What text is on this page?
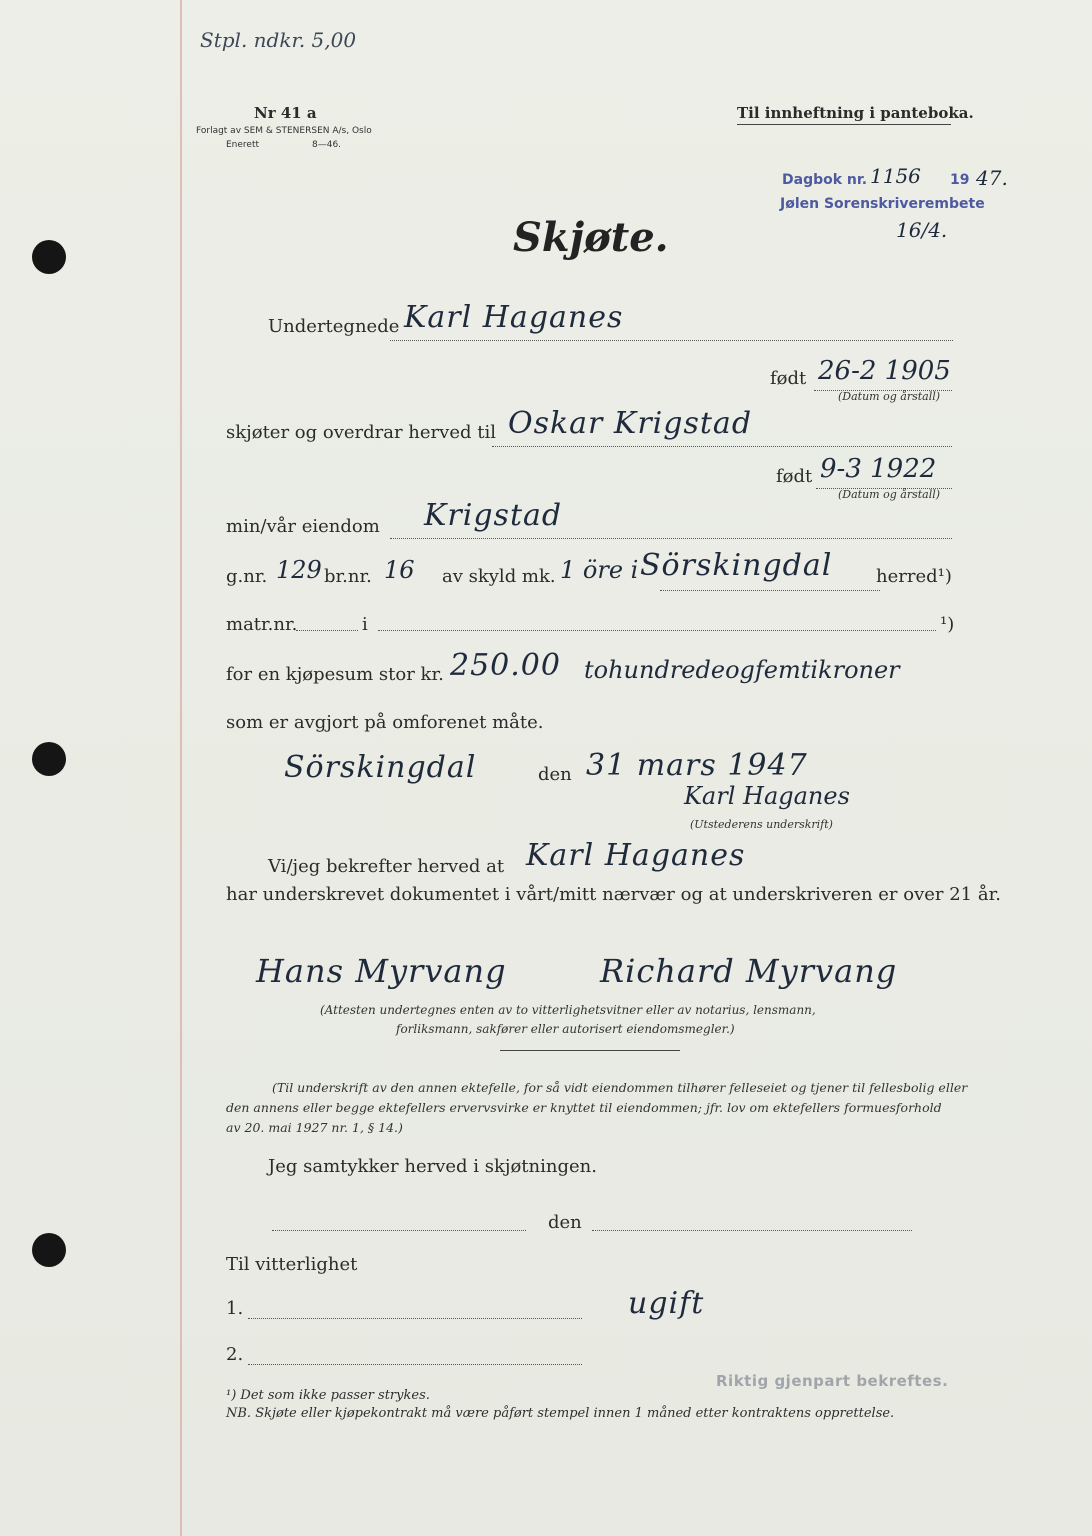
Stpl. ndkr. 5,00
Nr 41 a
Forlagt av SEM & STENERSEN A/s, Oslo
Enerett	8—46.
Til innheftning i panteboka.
Dagbok nr. 1156 19 47.
Jølen Sorenskriverembete
16/4.
Skjøte.
Undertegnede Karl Haganes
født 26-2 1905
(Datum og årstall)
skjøter og overdrar herved til Oskar Krigstad
født 9-3 1922
(Datum og årstall)
min/vår eiendom Krigstad
g.nr. 129 br.nr. 16 av skyld mk. 1 öre i Sörskingdal herred¹)
matr.nr.	i	¹)
for en kjøpesum stor kr. 250.00 tohundredeogfemtikroner
som er avgjort på omforenet måte.
Sörskingdal	den 31 mars 1947
Karl Haganes
(Utstederens underskrift)
Vi/jeg bekrefter herved at Karl Haganes
har underskrevet dokumentet i vårt/mitt nærvær og at underskriveren er over 21 år.
Hans Myrvang	Richard Myrvang
(Attesten undertegnes enten av to vitterlighetsvitner eller av notarius, lensmann,
forliksmann, sakfører eller autorisert eiendomsmegler.)
(Til underskrift av den annen ektefelle, for så vidt eiendommen tilhører felleseiet og tjener til fellesbolig eller
den annens eller begge ektefellers ervervsvirke er knyttet til eiendommen; jfr. lov om ektefellers formuesforhold
av 20. mai 1927 nr. 1, § 14.)
Jeg samtykker herved i skjøtningen.
den
Til vitterlighet
1.	ugift
2.
Riktig gjenpart bekreftes.
¹) Det som ikke passer strykes.
NB. Skjøte eller kjøpekontrakt må være påført stempel innen 1 måned etter kontraktens opprettelse.
